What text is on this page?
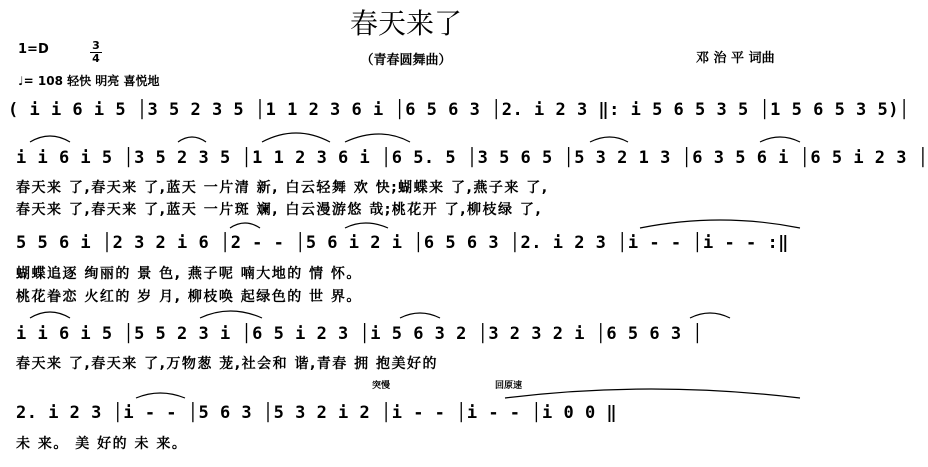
春天来了
1=D	$\frac{3}{4}$	（青春圆舞曲）	邓 治 平 词曲
♩= 108 轻快 明亮 喜悦地
( i i 6 i 5 │3 5 2 3 5 │1 1 2 3 6 i │6 5 6 3 │2. i 2 3 ‖: i 5 6 5 3 5 │1 5 6 5 3 5)│
i i 6 i 5 │3 5 2 3 5 │1 1 2 3 6 i │6 5. 5 │3 5 6 5 │5 3 2 1 3 │6 3 5 6 i │6 5 i 2 3 │
春天来 了,春天来 了,蓝天 一片清 新, 白云轻舞 欢 快;蝴蝶来 了,燕子来 了,
春天来 了,春天来 了,蓝天 一片斑 斓, 白云漫游悠 哉;桃花开 了,柳枝绿 了,
5 5 6 i │2 3 2 i 6 │2 - - │5 6 i 2 i │6 5 6 3 │2. i 2 3 │i - - │i - - :‖
蝴蝶追逐 绚丽的 景 色, 燕子呢 喃大地的 情 怀。
桃花眷恋 火红的 岁 月, 柳枝唤 起绿色的 世 界。
i i 6 i 5 │5 5 2 3 i │6 5 i 2 3 │i 5 6 3 2 │3 2 3 2 i │6 5 6 3 │
春天来 了,春天来 了,万物葱 茏,社会和 谐,青春 拥 抱美好的
突慢	回原速
2. i 2 3 │i - - │5 6 3 │5 3 2 i 2 │i - - │i - - │i 0 0 ‖
未 来。 美 好的 未 来。
